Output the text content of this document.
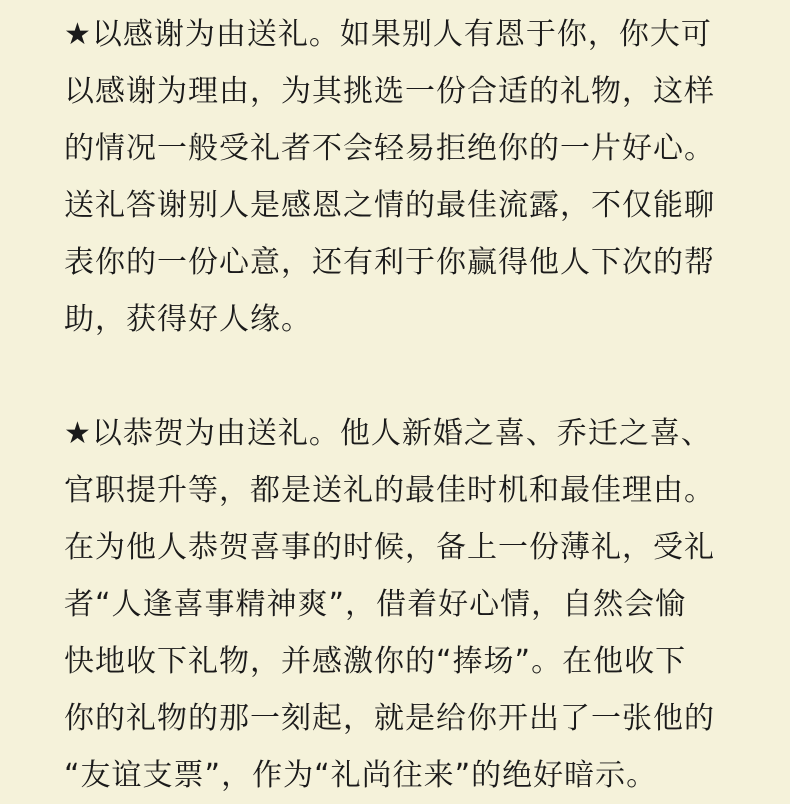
★以感谢为由送礼。如果别人有恩于你，你大可
以感谢为理由，为其挑选一份合适的礼物，这样
的情况一般受礼者不会轻易拒绝你的一片好心。
送礼答谢别人是感恩之情的最佳流露，不仅能聊
表你的一份心意，还有利于你赢得他人下次的帮
助，获得好人缘。
★以恭贺为由送礼。他人新婚之喜、乔迁之喜、
官职提升等，都是送礼的最佳时机和最佳理由。
在为他人恭贺喜事的时候，备上一份薄礼，受礼
者“人逢喜事精神爽”，借着好心情，自然会愉
快地收下礼物，并感激你的“捧场”。在他收下
你的礼物的那一刻起，就是给你开出了一张他的
“友谊支票”，作为“礼尚往来”的绝好暗示。
